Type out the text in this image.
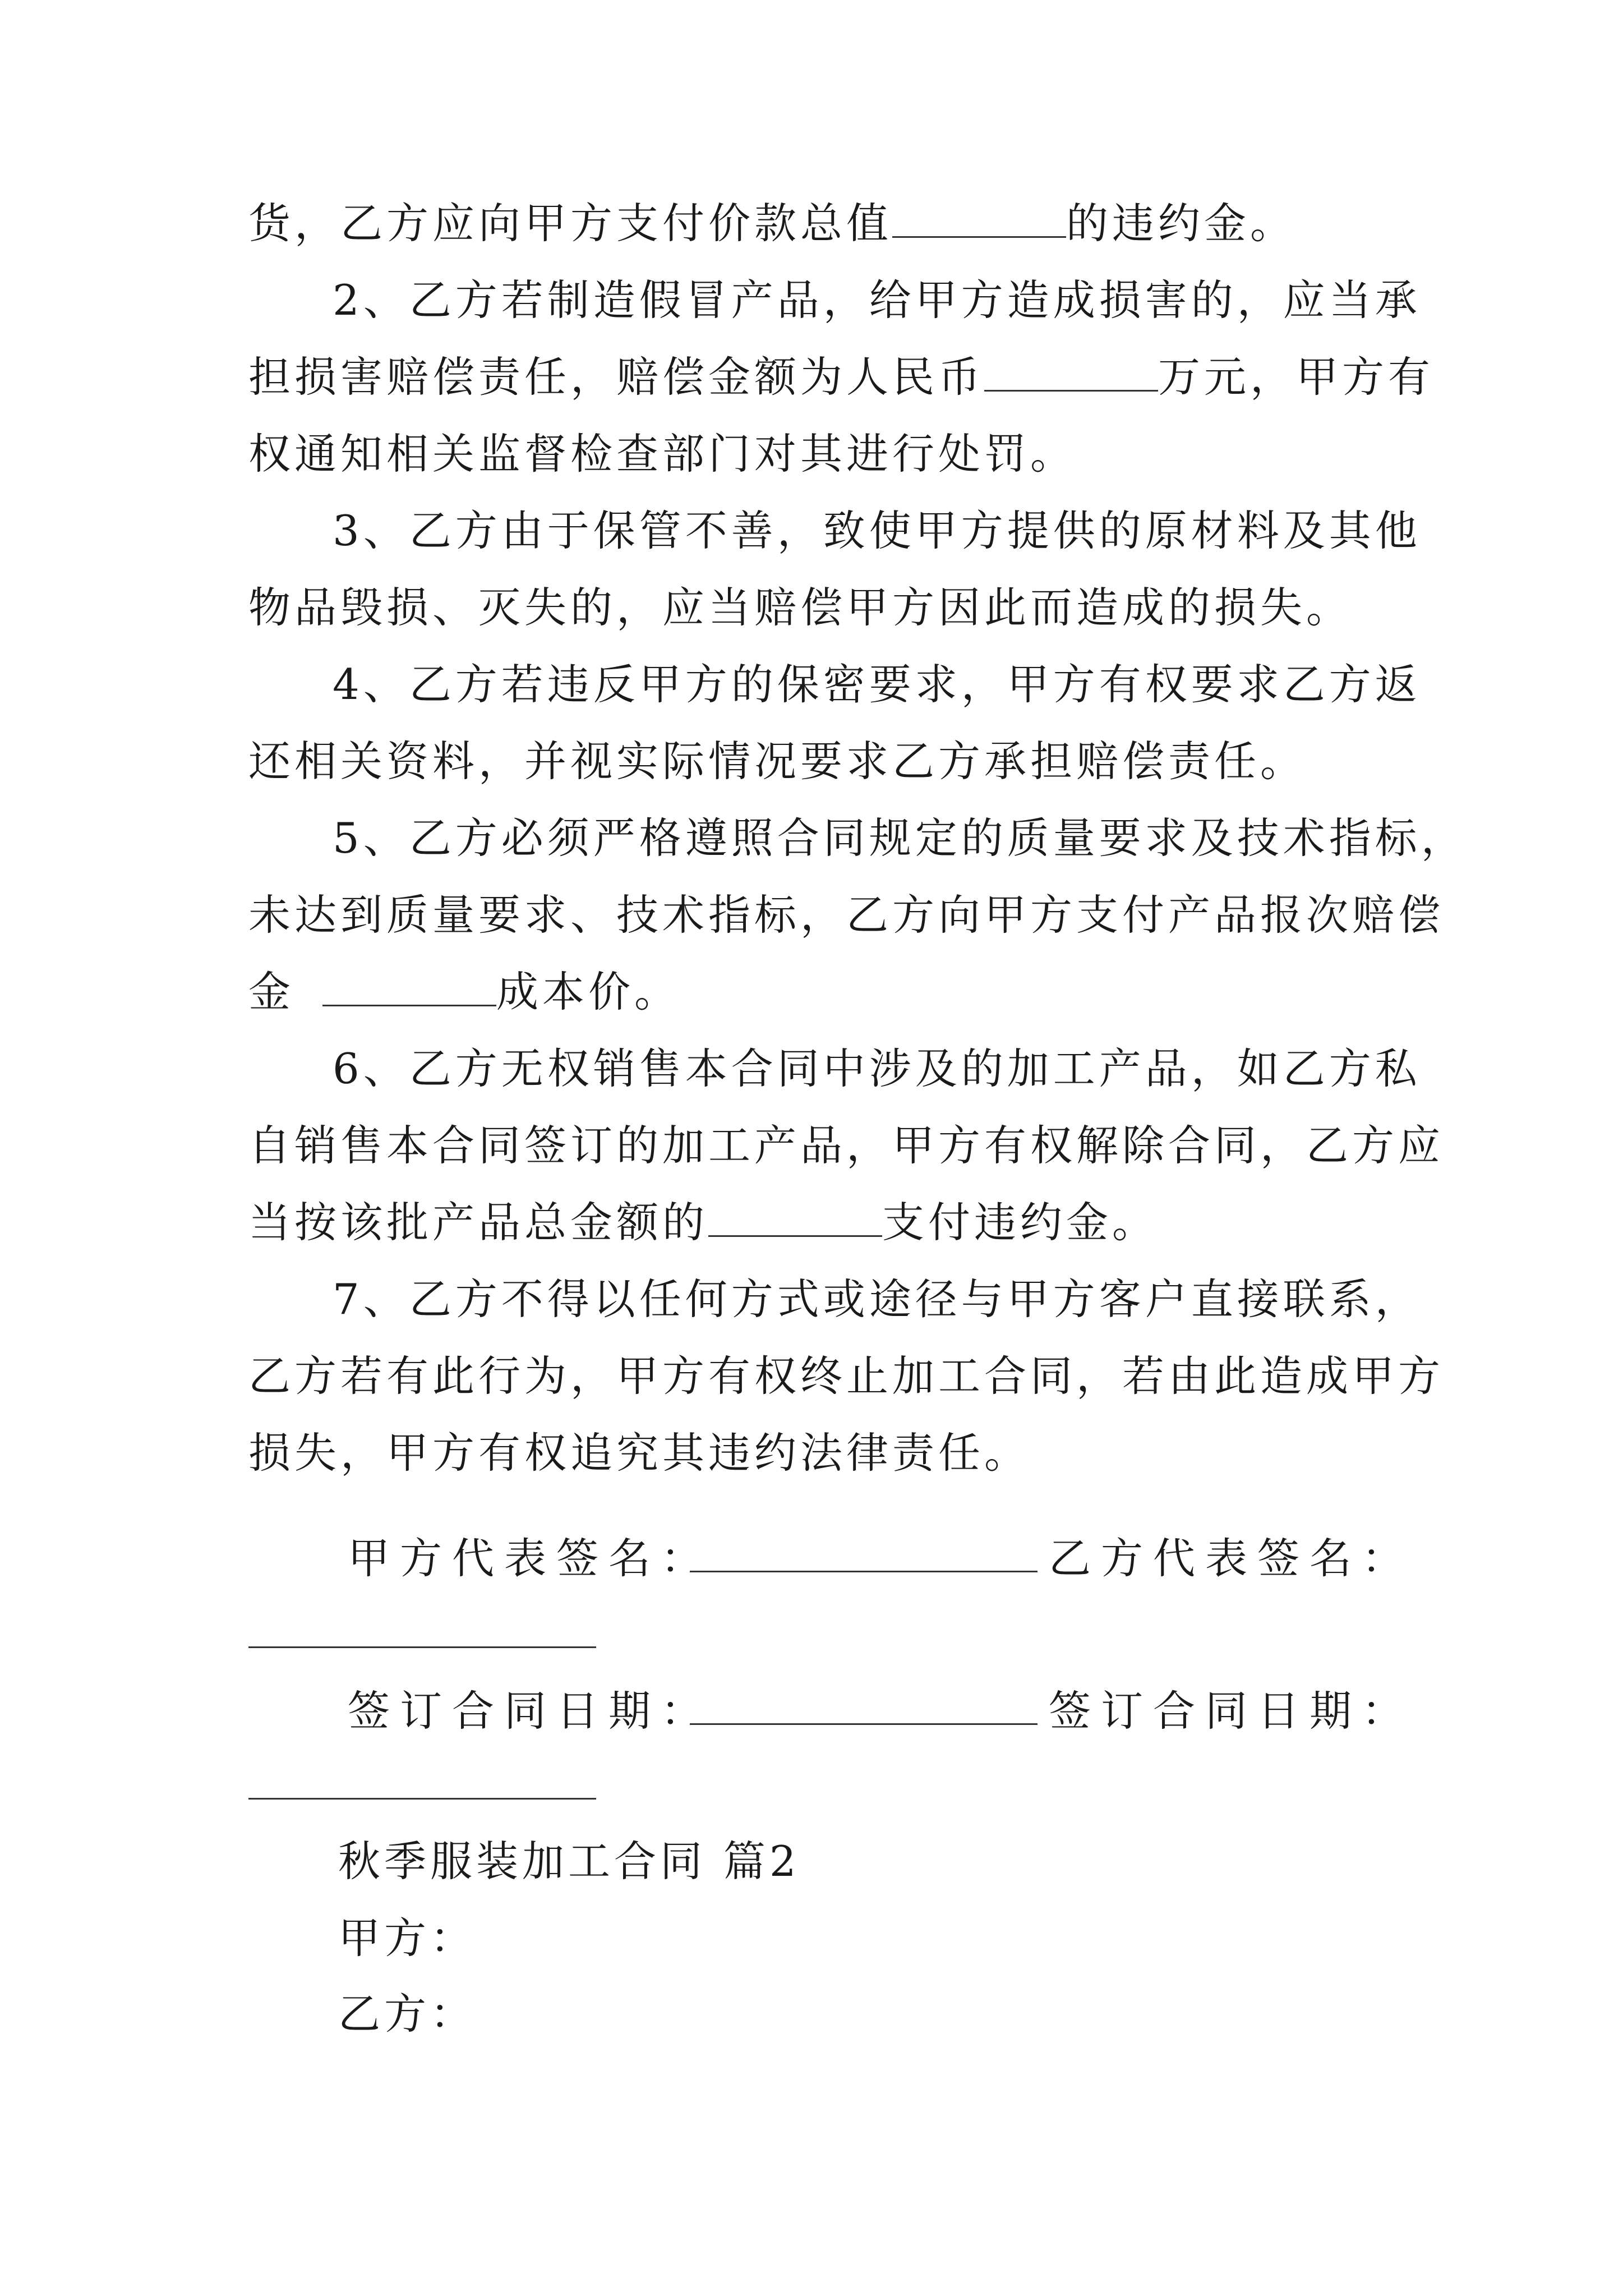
货，乙方应向甲方支付价款总值	的违约金。
2、乙方若制造假冒产品，给甲方造成损害的，应当承
担损害赔偿责任，赔偿金额为人民币	万元，甲方有
权通知相关监督检查部门对其进行处罚。
3、乙方由于保管不善，致使甲方提供的原材料及其他
物品毁损、灭失的，应当赔偿甲方因此而造成的损失。
4、乙方若违反甲方的保密要求，甲方有权要求乙方返
还相关资料，并视实际情况要求乙方承担赔偿责任。
5、乙方必须严格遵照合同规定的质量要求及技术指标，
未达到质量要求、技术指标，乙方向甲方支付产品报次赔偿
金	成本价。
6、乙方无权销售本合同中涉及的加工产品，如乙方私
自销售本合同签订的加工产品，甲方有权解除合同，乙方应
当按该批产品总金额的	支付违约金。
7、乙方不得以任何方式或途径与甲方客户直接联系，
乙方若有此行为，甲方有权终止加工合同，若由此造成甲方
损失，甲方有权追究其违约法律责任。
甲方代表签名：	乙方代表签名：
签订合同日期：	签订合同日期：
秋季服装加工合同 篇2
甲方：
乙方：
